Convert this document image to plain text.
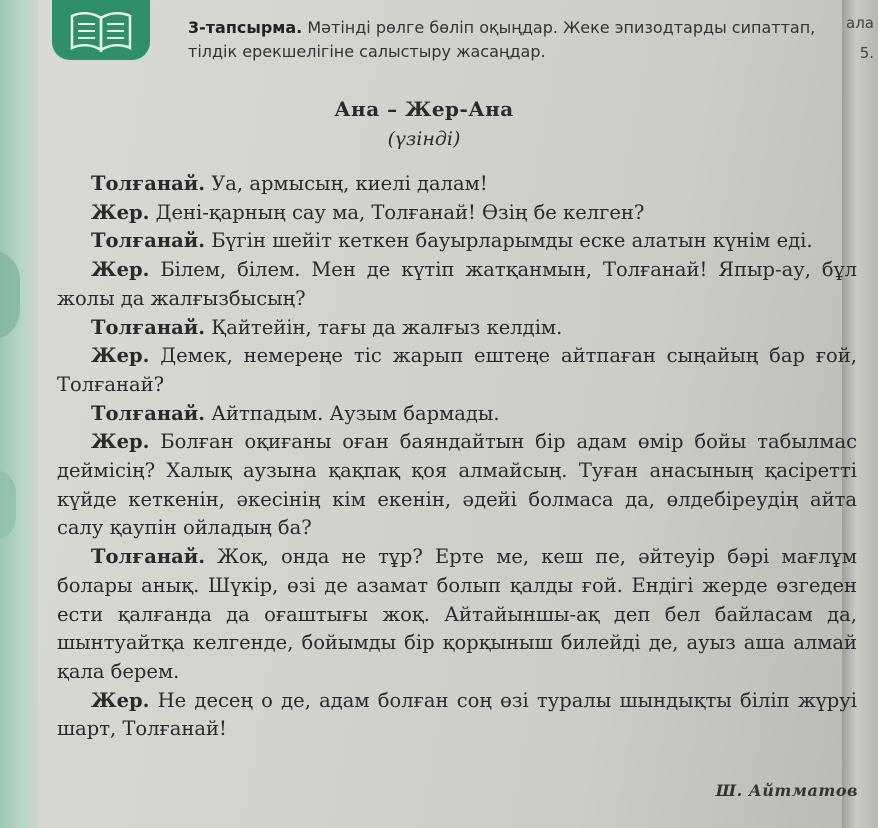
ала
5.
3-тапсырма. Мәтінді рөлге бөліп оқыңдар. Жеке эпизодтарды сипаттап,
тілдік ерекшелігіне салыстыру жасаңдар.
Ана – Жер-Ана
(үзінді)

Толғанай. Уа, армысың, киелі далам!

Жер. Дені-қарның сау ма, Толғанай! Өзің бе келген?

Толғанай. Бүгін шейіт кеткен бауырларымды еске алатын күнім еді.

Жер. Білем, білем. Мен де күтіп жатқанмын, Толғанай! Япыр-ау, бұл жолы да жалғызбысың?

Толғанай. Қайтейін, тағы да жалғыз келдім.

Жер. Демек, немереңе тіс жарып ештеңе айтпаған сыңайың бар ғой, Толғанай?

Толғанай. Айтпадым. Аузым бармады.

Жер. Болған оқиғаны оған баяндайтын бір адам өмір бойы табылмас деймісің? Халық аузына қақпақ қоя алмайсың. Туған анасының қасіретті күйде кеткенін, әкесінің кім екенін, әдейі болмаса да, өлдебіреудің айта салу қаупін ойладың ба?

Толғанай. Жоқ, онда не тұр? Ерте ме, кеш пе, әйтеуір бәрі мағлұм болары анық. Шүкір, өзі де азамат болып қалды ғой. Ендігі жерде өзгеден ести қалғанда да оғаштығы жоқ. Айтайыншы-ақ деп бел байласам да, шынтуайтқа келгенде, бойымды бір қорқыныш билейді де, ауыз аша алмай қала берем.

Жер. Не десең о де, адам болған соң өзі туралы шындықты біліп жүруі шарт, Толғанай!

Ш. Айтматов
